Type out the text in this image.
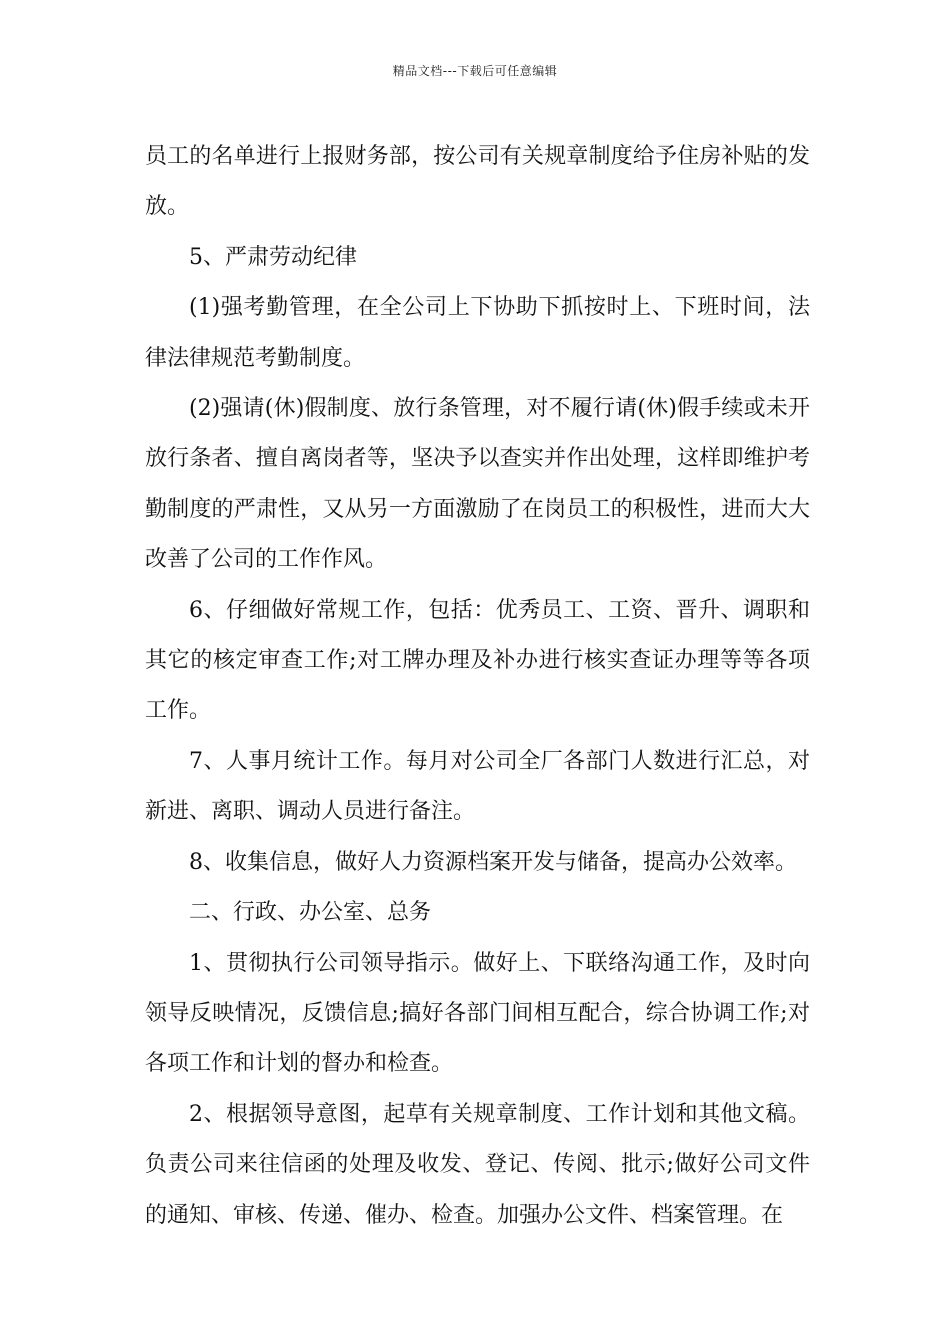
精品文档---下载后可任意编辑

员工的名单进行上报财务部，按公司有关规章制度给予住房补贴的发放。

5、严肃劳动纪律

(1)强考勤管理，在全公司上下协助下抓按时上、下班时间，法律法律规范考勤制度。

(2)强请(休)假制度、放行条管理，对不履行请(休)假手续或未开放行条者、擅自离岗者等，坚决予以查实并作出处理，这样即维护考勤制度的严肃性，又从另一方面激励了在岗员工的积极性，进而大大改善了公司的工作作风。

6、仔细做好常规工作，包括：优秀员工、工资、晋升、调职和其它的核定审查工作;对工牌办理及补办进行核实查证办理等等各项工作。

7、人事月统计工作。每月对公司全厂各部门人数进行汇总，对新进、离职、调动人员进行备注。

8、收集信息，做好人力资源档案开发与储备，提高办公效率。

二、行政、办公室、总务

1、贯彻执行公司领导指示。做好上、下联络沟通工作，及时向领导反映情况，反馈信息;搞好各部门间相互配合，综合协调工作;对各项工作和计划的督办和检查。

2、根据领导意图，起草有关规章制度、工作计划和其他文稿。负责公司来往信函的处理及收发、登记、传阅、批示;做好公司文件的通知、审核、传递、催办、检查。加强办公文件、档案管理。在
